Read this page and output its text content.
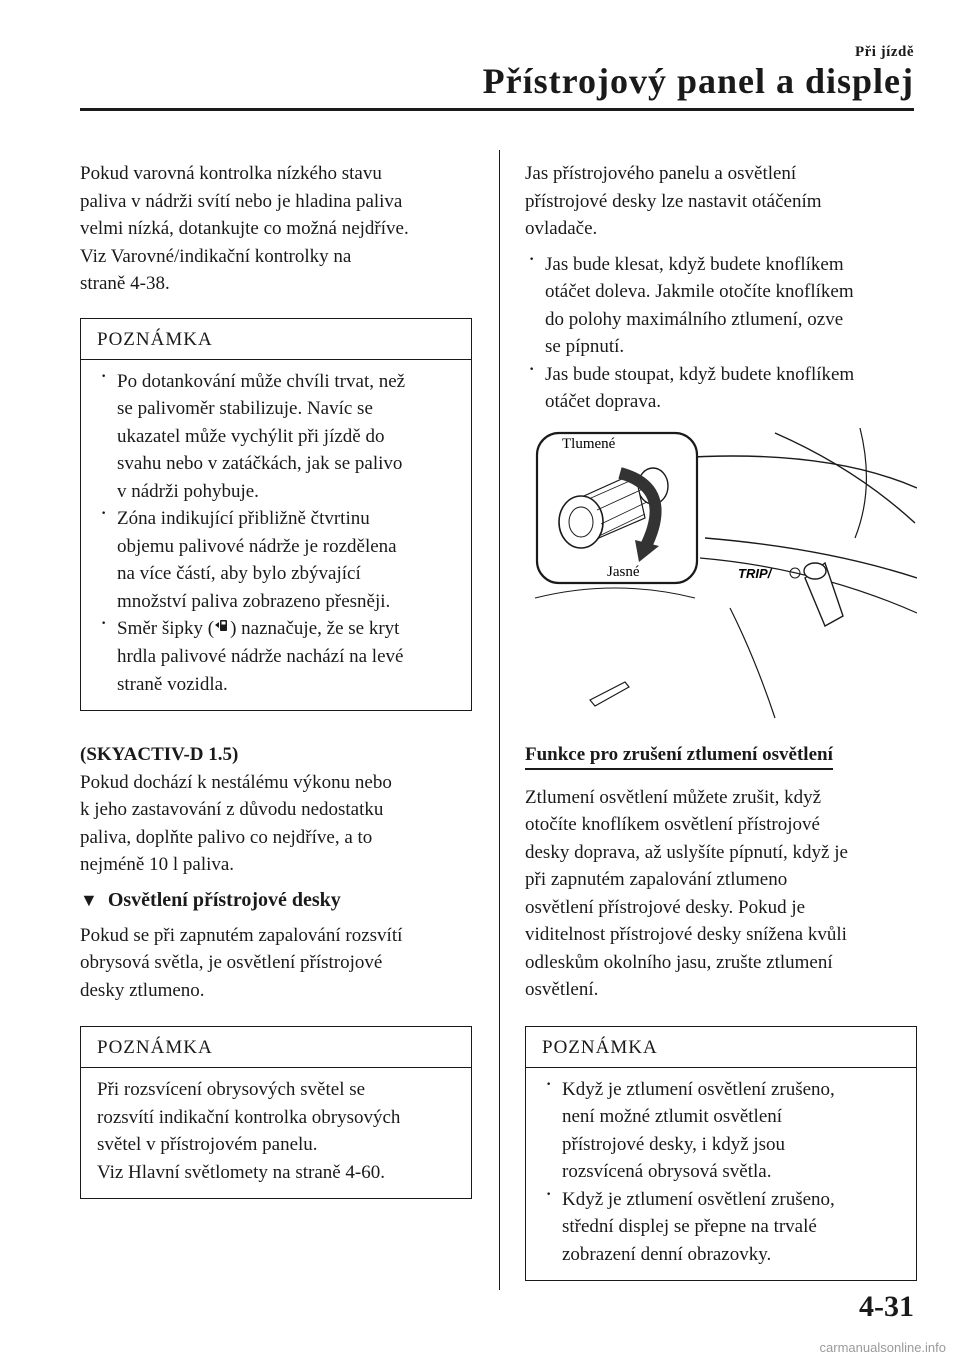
Při jízdě
Přístrojový panel a displej

Pokud varovná kontrolka nízkého stavu

paliva v nádrži svítí nebo je hladina paliva

velmi nízká, dotankujte co možná nejdříve.

Viz Varovné/indikační kontrolky na

straně 4-38.

POZNÁMKA

· Po dotankování může chvíli trvat, než

se palivoměr stabilizuje. Navíc se

ukazatel může vychýlit při jízdě do

svahu nebo v zatáčkách, jak se palivo

v nádrži pohybuje.

· Zóna indikující přibližně čtvrtinu

objemu palivové nádrže je rozdělena

na více částí, aby bylo zbývající

množství paliva zobrazeno přesněji.

· Směr šipky ( ) naznačuje, že se kryt

hrdla palivové nádrže nachází na levé

straně vozidla.

(SKYACTIV-D 1.5)

Pokud dochází k nestálému výkonu nebo

k jeho zastavování z důvodu nedostatku

paliva, doplňte palivo co nejdříve, a to

nejméně 10 l paliva.

▼ Osvětlení přístrojové desky

Pokud se při zapnutém zapalování rozsvítí

obrysová světla, je osvětlení přístrojové

desky ztlumeno.

POZNÁMKA

Při rozsvícení obrysových světel se

rozsvítí indikační kontrolka obrysových

světel v přístrojovém panelu.

Viz Hlavní světlomety na straně 4-60.

Jas přístrojového panelu a osvětlení

přístrojové desky lze nastavit otáčením

ovladače.

· Jas bude klesat, když budete knoflíkem

otáčet doleva. Jakmile otočíte knoflíkem

do polohy maximálního ztlumení, ozve

se pípnutí.

· Jas bude stoupat, když budete knoflíkem

otáčet doprava.

TRIP/
Tlumené
Jasné
Funkce pro zrušení ztlumení osvětlení

Ztlumení osvětlení můžete zrušit, když

otočíte knoflíkem osvětlení přístrojové

desky doprava, až uslyšíte pípnutí, když je

při zapnutém zapalování ztlumeno

osvětlení přístrojové desky. Pokud je

viditelnost přístrojové desky snížena kvůli

odleskům okolního jasu, zrušte ztlumení

osvětlení.

POZNÁMKA

· Když je ztlumení osvětlení zrušeno,

není možné ztlumit osvětlení

přístrojové desky, i když jsou

rozsvícená obrysová světla.

· Když je ztlumení osvětlení zrušeno,

střední displej se přepne na trvalé

zobrazení denní obrazovky.

4-31
carmanualsonline.info
